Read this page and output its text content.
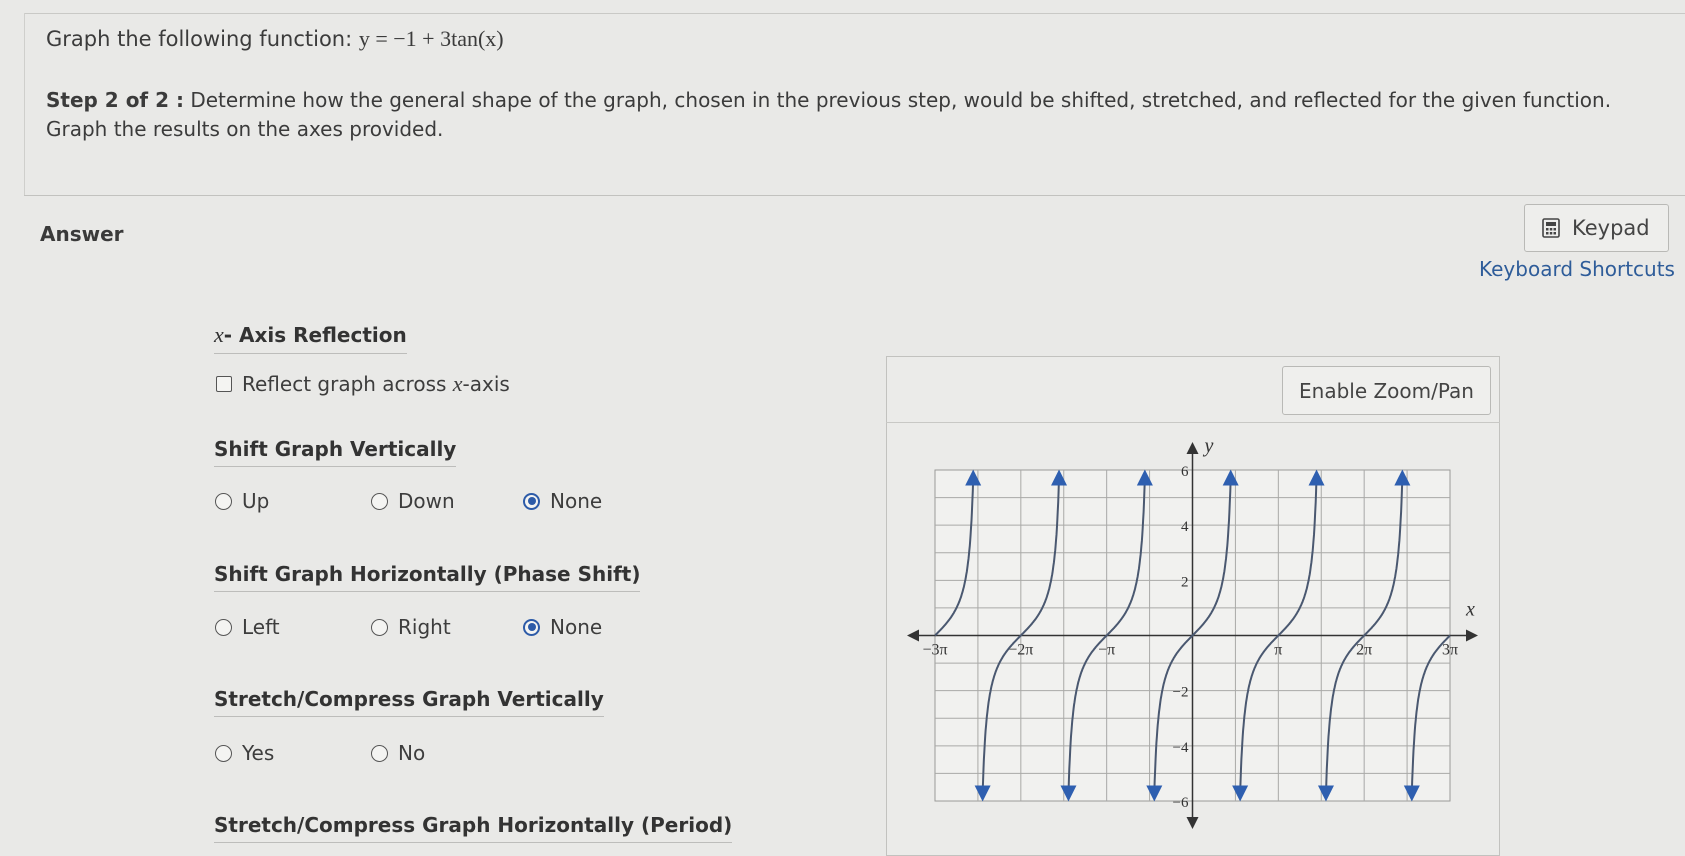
Graph the following function: y = −1 + 3tan(x)
Step 2 of 2 : Determine how the general shape of the graph, chosen in the previous step, would be shifted, stretched, and reflected for the given function. Graph the results on the axes provided.
Answer	Keypad
Keyboard Shortcuts
x- Axis Reflection
Reflect graph across x-axis
Shift Graph Vertically
Up	Down	None
Shift Graph Horizontally (Phase Shift)
Left	Right	None
Stretch/Compress Graph Vertically
Yes	No
Stretch/Compress Graph Horizontally (Period)
Enable Zoom/Pan
x
y
−3π	−2π	−π	π	2π	3π
6
4
2
−2
−4
−6
